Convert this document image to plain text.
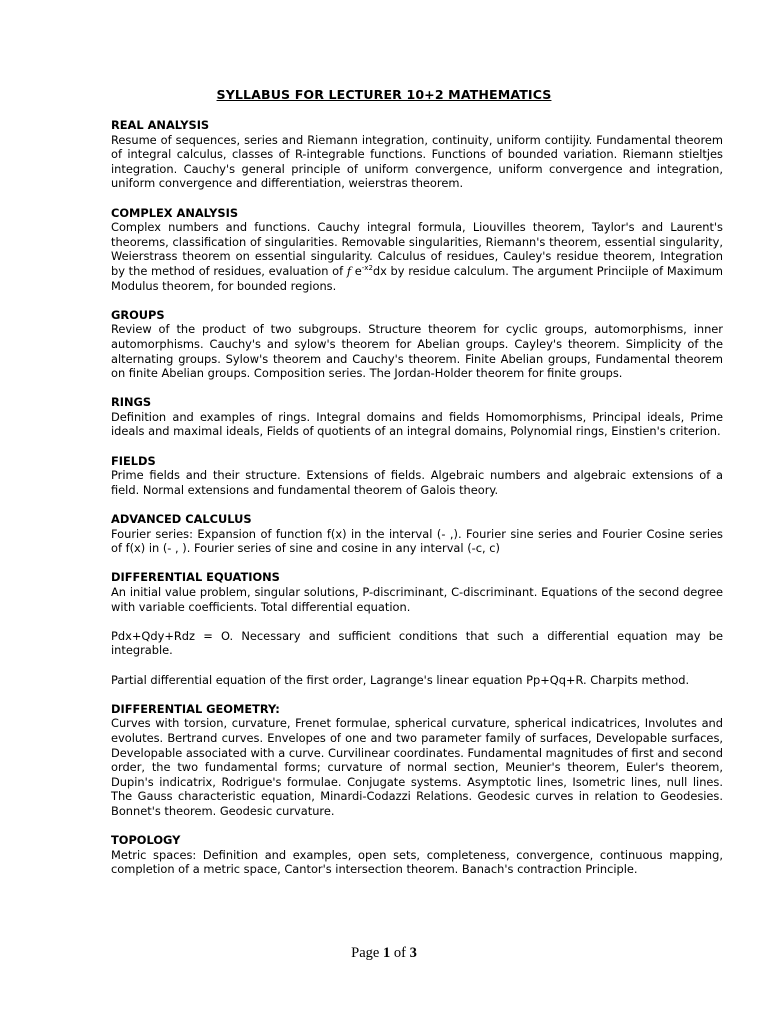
SYLLABUS FOR LECTURER 10+2 MATHEMATICS

REAL ANALYSIS

Resume of sequences, series and Riemann integration, continuity, uniform contijity. Fundamental theorem of integral calculus, classes of R-integrable functions. Functions of bounded variation. Riemann stieltjes integration. Cauchy's general principle of uniform convergence, uniform convergence and integration, uniform convergence and differentiation, weierstras theorem.

COMPLEX ANALYSIS

Complex numbers and functions. Cauchy integral formula, Liouvilles theorem, Taylor's and Laurent's theorems, classification of singularities. Removable singularities, Riemann's theorem, essential singularity, Weierstrass theorem on essential singularity. Calculus of residues, Cauley's residue theorem, Integration by the method of residues, evaluation of f $e^{-x2}dx$ by residue calculum. The argument Princiiple of Maximum Modulus theorem, for bounded regions.

GROUPS

Review of the product of two subgroups. Structure theorem for cyclic groups, automorphisms, inner automorphisms. Cauchy's and sylow's theorem for Abelian groups. Cayley's theorem. Simplicity of the alternating groups. Sylow's theorem and Cauchy's theorem. Finite Abelian groups, Fundamental theorem on finite Abelian groups. Composition series. The Jordan-Holder theorem for finite groups.

RINGS

Definition and examples of rings. Integral domains and fields Homomorphisms, Principal ideals, Prime ideals and maximal ideals, Fields of quotients of an integral domains, Polynomial rings, Einstien's criterion.

FIELDS

Prime fields and their structure. Extensions of fields. Algebraic numbers and algebraic extensions of a field. Normal extensions and fundamental theorem of Galois theory.

ADVANCED CALCULUS

Fourier series: Expansion of function f(x) in the interval (- ,). Fourier sine series and Fourier Cosine series of f(x) in (- , ). Fourier series of sine and cosine in any interval (-c, c)

DIFFERENTIAL EQUATIONS

An initial value problem, singular solutions, P-discriminant, C-discriminant. Equations of the second degree with variable coefficients. Total differential equation.

Pdx+Qdy+Rdz = O. Necessary and sufficient conditions that such a differential equation may be integrable.

Partial differential equation of the first order, Lagrange's linear equation Pp+Qq+R. Charpits method.

DIFFERENTIAL GEOMETRY:

Curves with torsion, curvature, Frenet formulae, spherical curvature, spherical indicatrices, Involutes and evolutes. Bertrand curves. Envelopes of one and two parameter family of surfaces, Developable surfaces, Developable associated with a curve. Curvilinear coordinates. Fundamental magnitudes of first and second order, the two fundamental forms; curvature of normal section, Meunier's theorem, Euler's theorem, Dupin's indicatrix, Rodrigue's formulae. Conjugate systems. Asymptotic lines, Isometric lines, null lines. The Gauss characteristic equation, Minardi-Codazzi Relations. Geodesic curves in relation to Geodesies. Bonnet's theorem. Geodesic curvature.

TOPOLOGY

Metric spaces: Definition and examples, open sets, completeness, convergence, continuous mapping, completion of a metric space, Cantor's intersection theorem. Banach's contraction Principle.

Page 1 of 3
